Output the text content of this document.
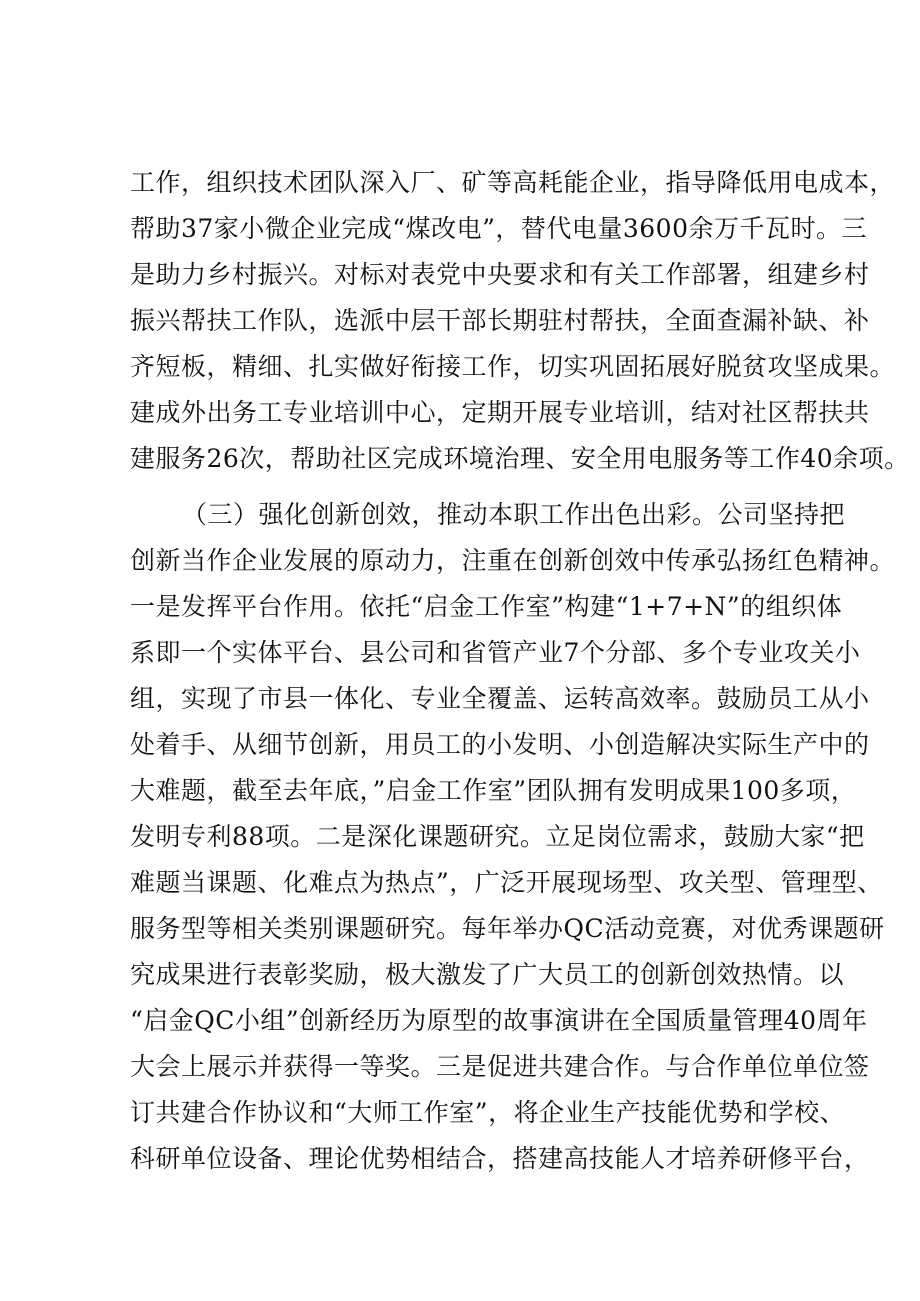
工作，组织技术团队深入厂、矿等高耗能企业，指导降低用电成本，
帮助37家小微企业完成“煤改电”，替代电量3600余万千瓦时。三
是助力乡村振兴。对标对表党中央要求和有关工作部署，组建乡村
振兴帮扶工作队，选派中层干部长期驻村帮扶，全面查漏补缺、补
齐短板，精细、扎实做好衔接工作，切实巩固拓展好脱贫攻坚成果。
建成外出务工专业培训中心，定期开展专业培训，结对社区帮扶共
建服务26次，帮助社区完成环境治理、安全用电服务等工作40余项。
（三）强化创新创效，推动本职工作出色出彩。公司坚持把
创新当作企业发展的原动力，注重在创新创效中传承弘扬红色精神。
一是发挥平台作用。依托“启金工作室”构建“1+7+N”的组织体
系即一个实体平台、县公司和省管产业7个分部、多个专业攻关小
组，实现了市县一体化、专业全覆盖、运转高效率。鼓励员工从小
处着手、从细节创新，用员工的小发明、小创造解决实际生产中的
大难题，截至去年底，”启金工作室”团队拥有发明成果100多项，
发明专利88项。二是深化课题研究。立足岗位需求，鼓励大家“把
难题当课题、化难点为热点”，广泛开展现场型、攻关型、管理型、
服务型等相关类别课题研究。每年举办QC活动竞赛，对优秀课题研
究成果进行表彰奖励，极大激发了广大员工的创新创效热情。以
“启金QC小组”创新经历为原型的故事演讲在全国质量管理40周年
大会上展示并获得一等奖。三是促进共建合作。与合作单位单位签
订共建合作协议和“大师工作室”，将企业生产技能优势和学校、
科研单位设备、理论优势相结合，搭建高技能人才培养研修平台，
